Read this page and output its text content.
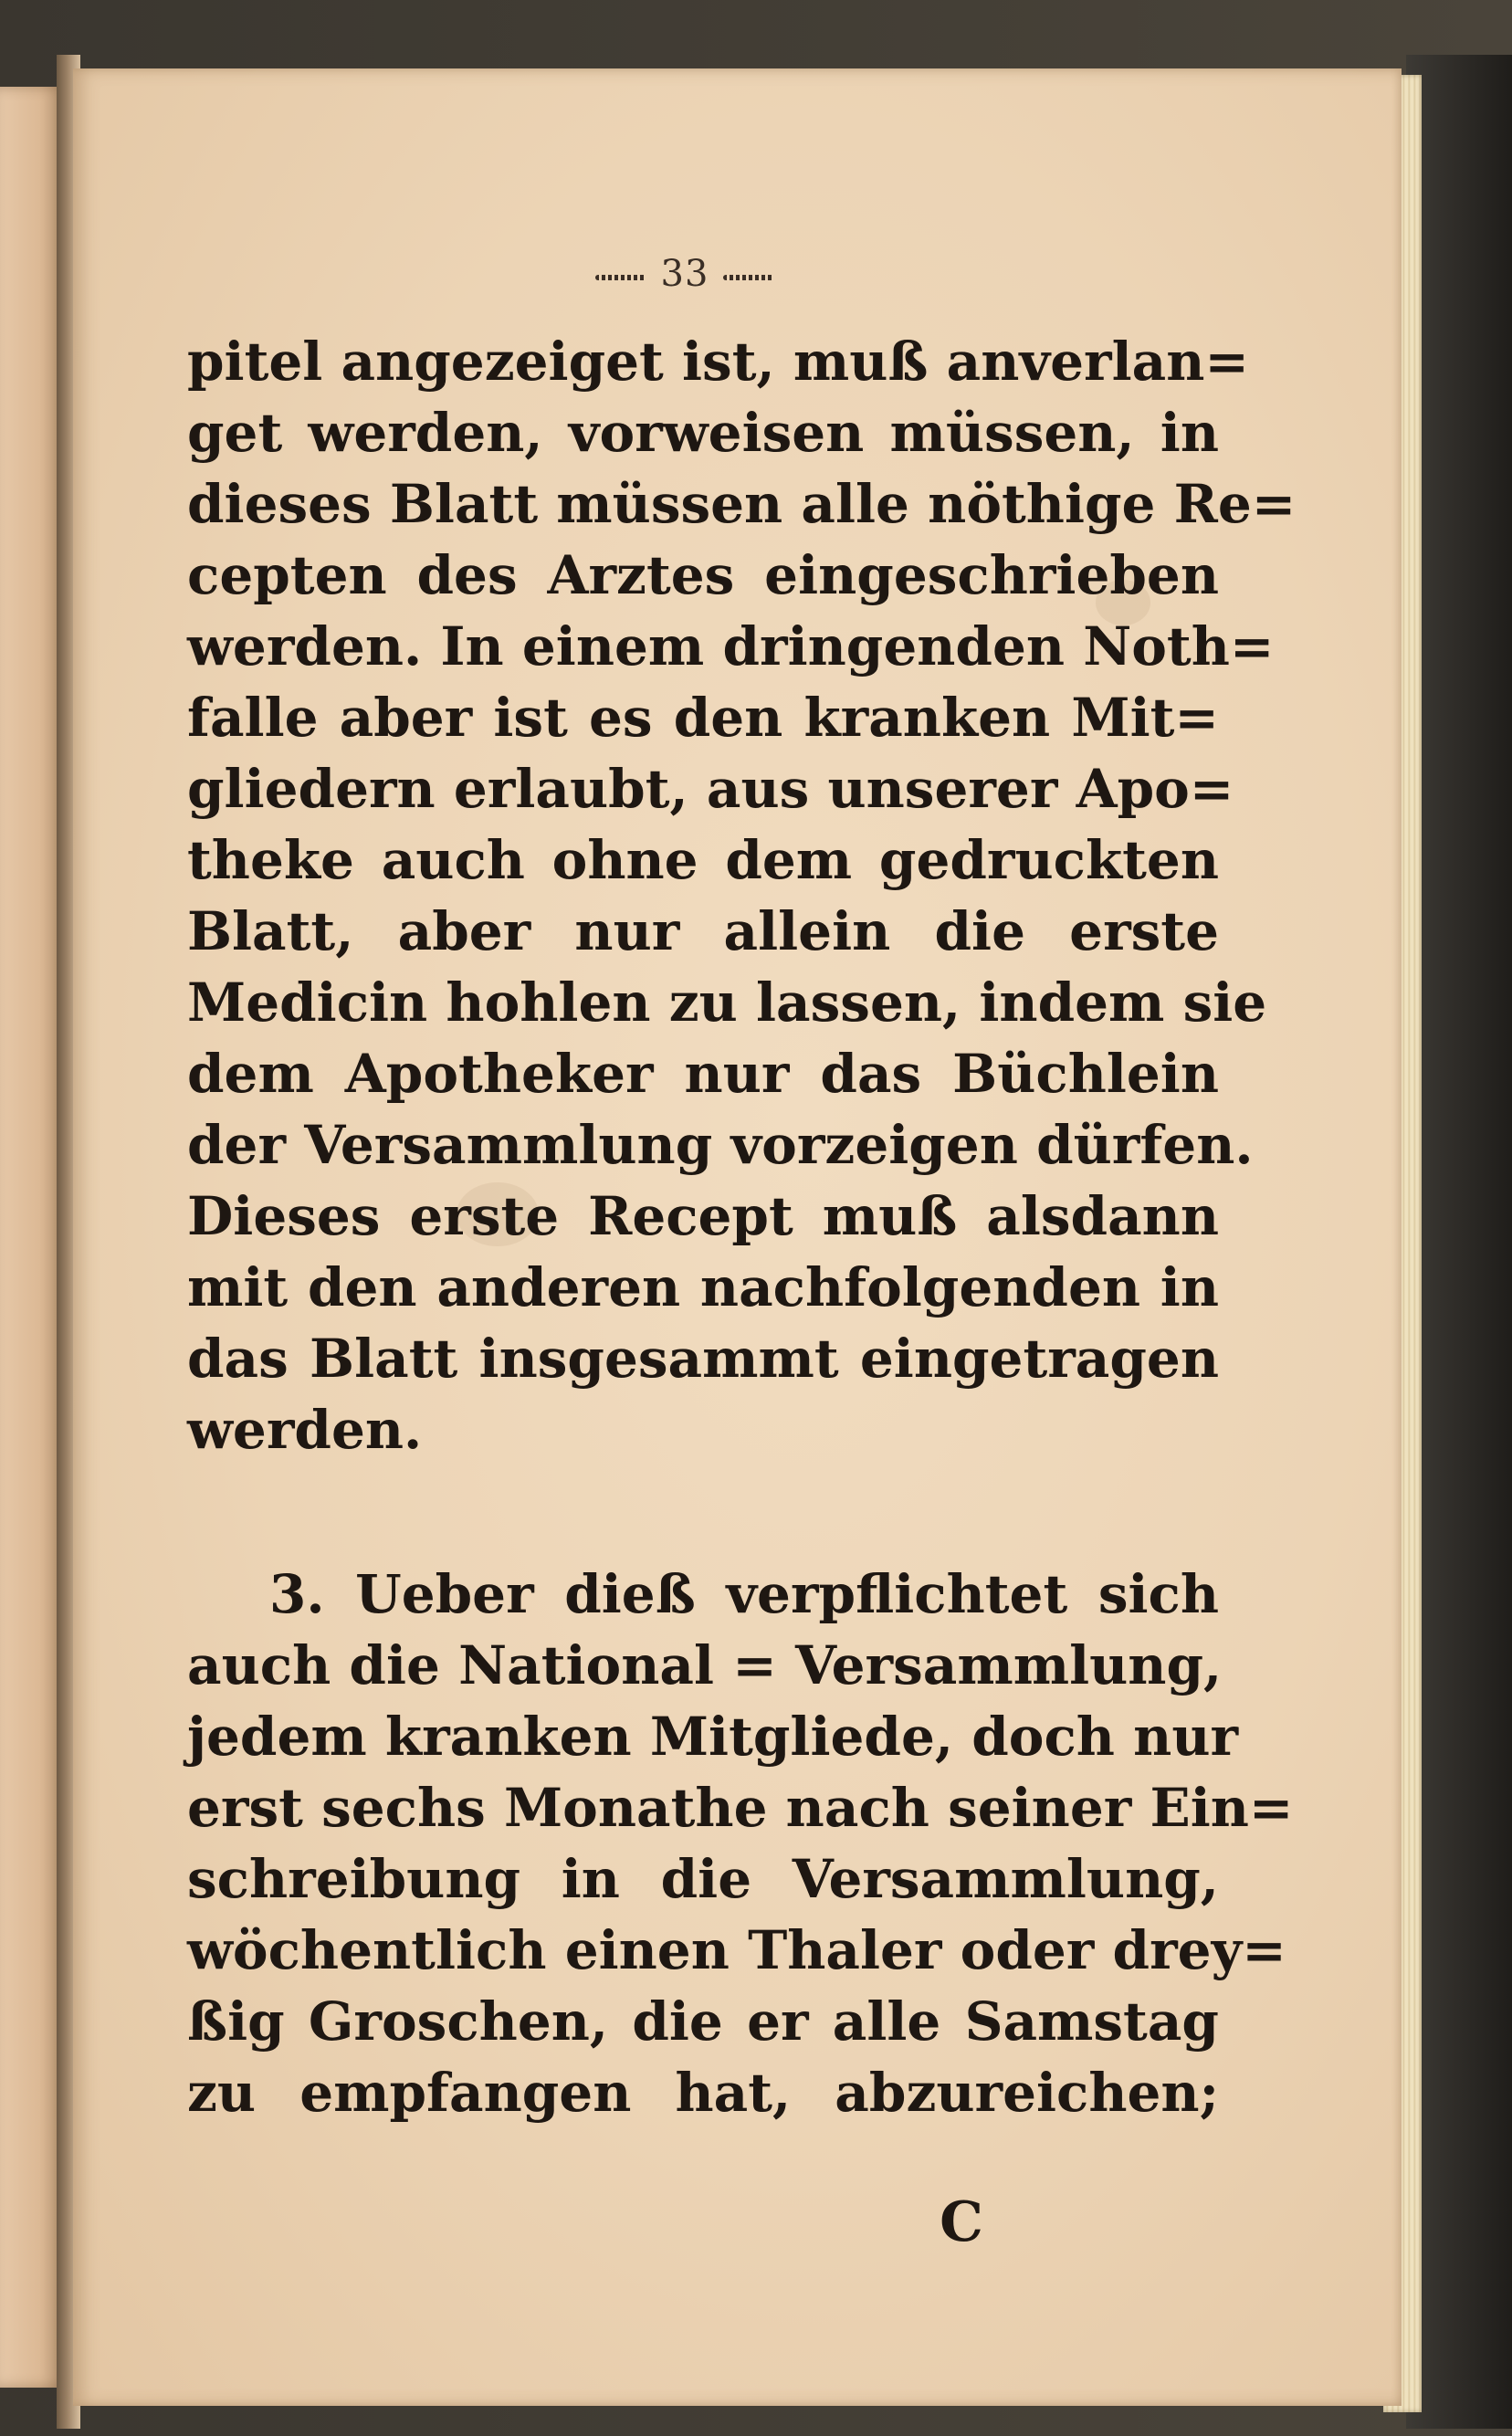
33
pitel angezeiget ist, muß anverlan=
get werden, vorweisen müssen, in
dieses Blatt müssen alle nöthige Re=
cepten des Arztes eingeschrieben
werden. In einem dringenden Noth=
falle aber ist es den kranken Mit=
gliedern erlaubt, aus unserer Apo=
theke auch ohne dem gedruckten
Blatt, aber nur allein die erste
Medicin hohlen zu lassen, indem sie
dem Apotheker nur das Büchlein
der Versammlung vorzeigen dürfen.
Dieses erste Recept muß alsdann
mit den anderen nachfolgenden in
das Blatt insgesammt eingetragen
werden.
3. Ueber dieß verpflichtet sich
auch die National = Versammlung,
jedem kranken Mitgliede, doch nur
erst sechs Monathe nach seiner Ein=
schreibung in die Versammlung,
wöchentlich einen Thaler oder drey=
ßig Groschen, die er alle Samstag
zu empfangen hat, abzureichen;
C
